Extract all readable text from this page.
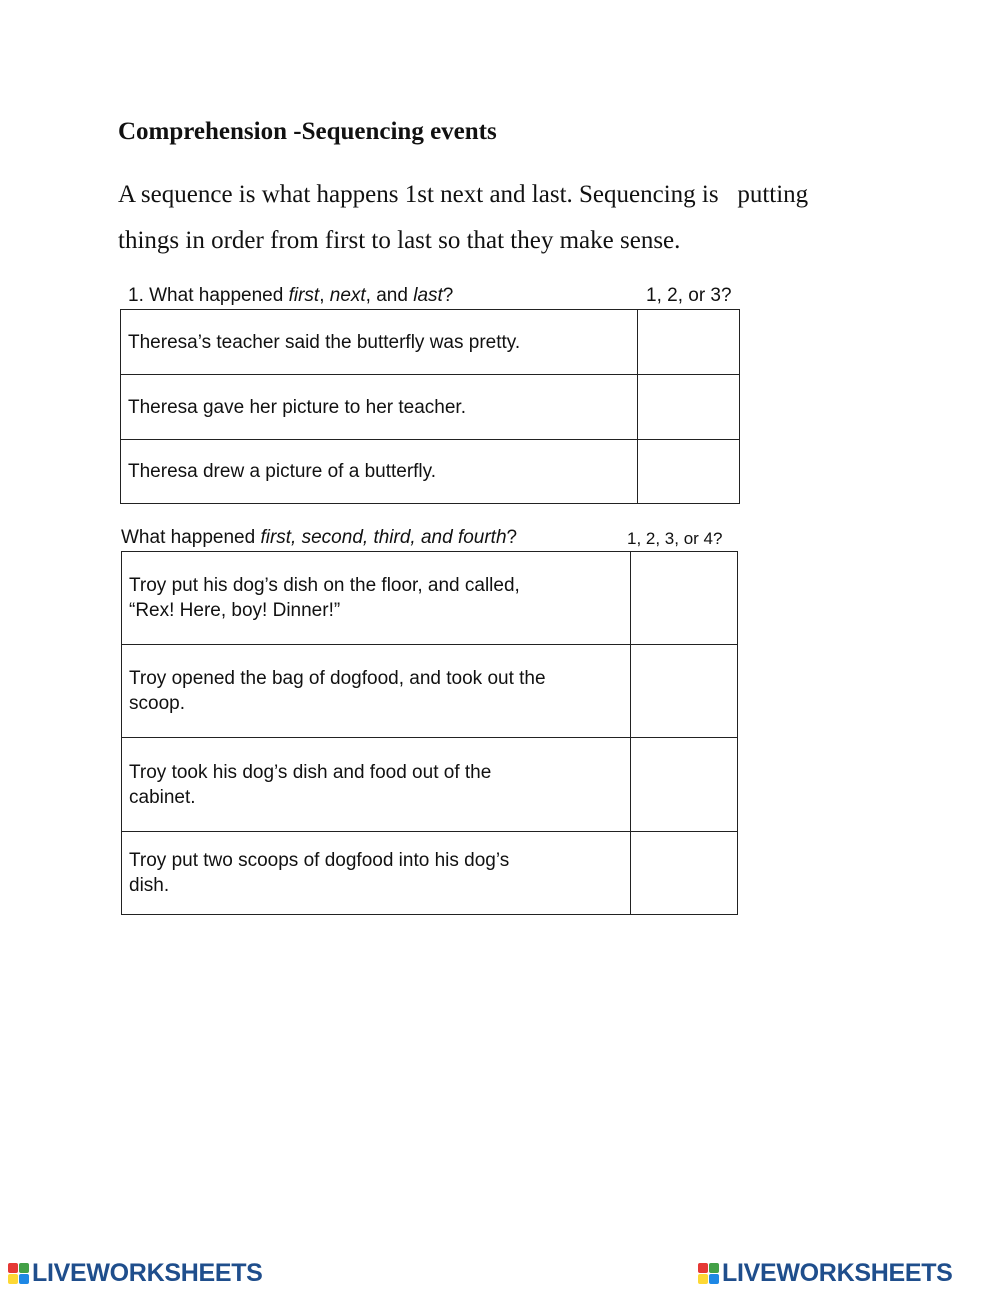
Comprehension -Sequencing events
A sequence is what happens 1st next and last. Sequencing is   putting
things in order from first to last so that they make sense.
1. What happened first, next, and last?	1, 2, or 3?
Theresa’s teacher said the butterfly was pretty.	

Theresa gave her picture to her teacher.	

Theresa drew a picture of a butterfly.	
What happened first, second, third, and fourth?	1, 2, 3, or 4?
Troy put his dog’s dish on the floor, and called,
“Rex! Here, boy! Dinner!”	

Troy opened the bag of dogfood, and took out the
scoop.	

Troy took his dog’s dish and food out of the
cabinet.	

Troy put two scoops of dogfood into his dog’s
dish.	
LIVEWORKSHEETS	LIVEWORKSHEETS
